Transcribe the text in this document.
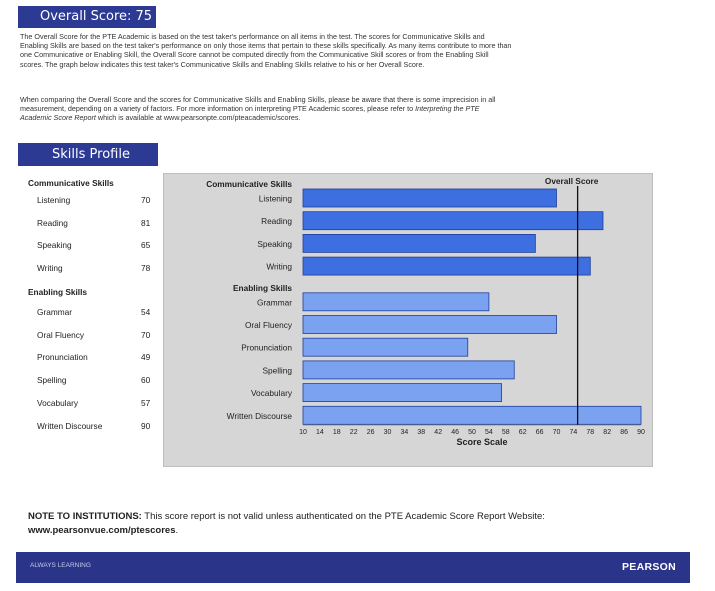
Overall Score: 75

The Overall Score for the PTE Academic is based on the test taker's performance on all items in the test. The scores for Communicative Skills and Enabling Skills are based on the test taker's performance on only those items that pertain to these skills specifically. As many items contribute to more than one Communicative or Enabling Skill, the Overall Score cannot be computed directly from the Communicative Skill scores or from the Enabling Skill scores. The graph below indicates this test taker's Communicative Skills and Enabling Skills relative to his or her Overall Score.

When comparing the Overall Score and the scores for Communicative Skills and Enabling Skills, please be aware that there is some imprecision in all measurement, depending on a variety of factors. For more information on interpreting PTE Academic scores, please refer to Interpreting the PTE Academic Score Report which is available at www.pearsonpte.com/pteacademic/scores.

Skills Profile
Communicative Skills
Listening	70
Reading	81
Speaking	65
Writing	78
Enabling Skills
Grammar	54
Oral Fluency	70
Pronunciation	49
Spelling	60
Vocabulary	57
Written Discourse	90
Communicative Skills
Listening
Reading
Speaking
Writing
Enabling Skills
Grammar
Oral Fluency
Pronunciation
Spelling
Vocabulary
Written Discourse
Overall Score
10 14 18 22 26 30 34 38 42 46 50 54 58 62 66 70 74 78 82 86 90
Score Scale
NOTE TO INSTITUTIONS: This score report is not valid unless authenticated on the PTE Academic Score Report Website: www.pearsonvue.com/ptescores.
ALWAYS LEARNING	PEARSON
